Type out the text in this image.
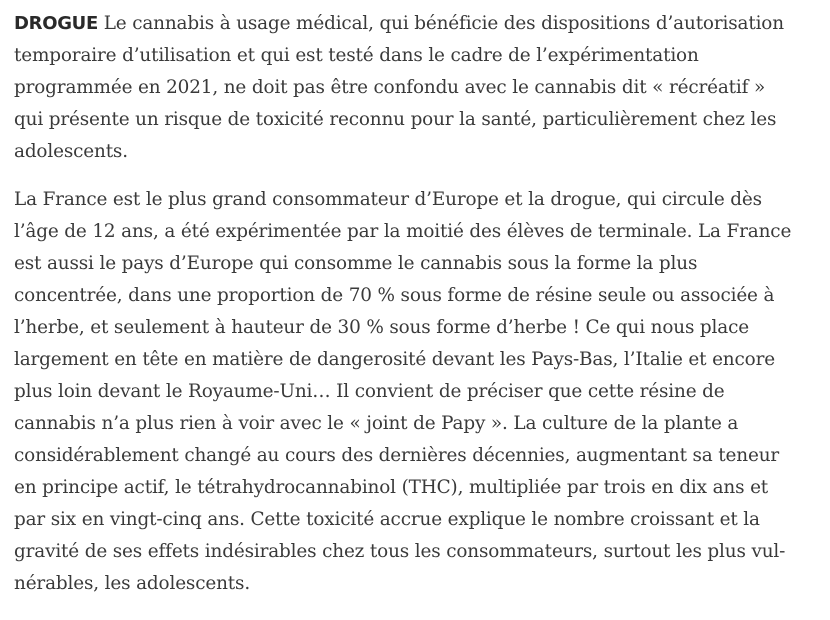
DROGUE Le cannabis à usage médical, qui bénéficie des dispositions d’autorisation
temporaire d’utilisation et qui est testé dans le cadre de l’expérimentation
programmée en 2021, ne doit pas être confondu avec le cannabis dit « récréatif »
qui présente un risque de toxicité reconnu pour la santé, particulièrement chez les
adolescents.

La France est le plus grand consommateur d’Europe et la drogue, qui circule dès
l’âge de 12 ans, a été expérimentée par la moitié des élèves de terminale. La France
est aussi le pays d’Europe qui consomme le cannabis sous la forme la plus
concentrée, dans une proportion de 70 % sous forme de résine seule ou associée à
l’herbe, et seulement à hauteur de 30 % sous forme d’herbe ! Ce qui nous place
largement en tête en matière de dangerosité devant les Pays-Bas, l’Italie et encore
plus loin devant le Royaume-Uni… Il convient de préciser que cette résine de
cannabis n’a plus rien à voir avec le « joint de Papy ». La culture de la plante a
considérablement changé au cours des dernières décennies, augmentant sa teneur
en principe actif, le tétrahydrocannabinol (THC), multipliée par trois en dix ans et
par six en vingt-cinq ans. Cette toxicité accrue explique le nombre croissant et la
gravité de ses effets indésirables chez tous les consommateurs, surtout les plus vul-
nérables, les adolescents.
